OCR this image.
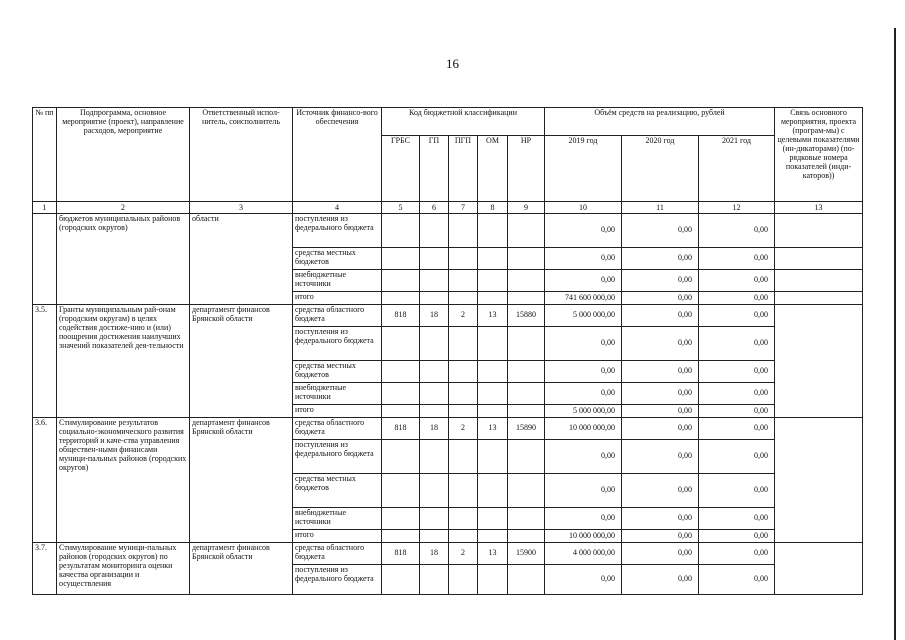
16
№ пп	Подпрограмма, основное мероприятие (проект), направление расходов, мероприятие	Ответственный испол-нитель, соисполнитель	Источник финансо-вого обеспечения	Код бюджетной классификации					Объём средств на реализацию, рублей			Связь основного мероприятия, проекта (програм-мы) с целевыми показателями (ин-дикаторами) (по-рядковые номера показателей (инди-каторов))
				ГРБС	ГП	ПГП	ОМ	НР	2019 год	2020 год	2021 год	
1	2	3	4	5	6	7	8	9	10	11	12	13
	бюджетов муниципальных районов (городских округов)	области	поступления из федерального бюджета						0,00	0,00	0,00	
			средства местных бюджетов						0,00	0,00	0,00	
			внебюджетные источники						0,00	0,00	0,00	
			итого						741 600 000,00	0,00	0,00	
3.5.	Гранты муниципальным рай-онам (городским округам) в целях содействия достиже-нию и (или) поощрения достижения наилучших значений показателей дея-тельности	департамент финансов Брянской области	средства областного бюджета	818	18	2	13	15880	5 000 000,00	0,00	0,00	
			поступления из федерального бюджета						0,00	0,00	0,00	
			средства местных бюджетов						0,00	0,00	0,00	
			внебюджетные источники						0,00	0,00	0,00	
			итого						5 000 000,00	0,00	0,00	
3.6.	Стимулирование результатов социально-экономического развития территорий и каче-ства управления обществен-ными финансами муници-пальных районов (городских округов)	департамент финансов Брянской области	средства областного бюджета	818	18	2	13	15890	10 000 000,00	0,00	0,00	
			поступления из федерального бюджета						0,00	0,00	0,00	
			средства местных бюджетов						0,00	0,00	0,00	
			внебюджетные источники						0,00	0,00	0,00	
			итого						10 000 000,00	0,00	0,00	
3.7.	Стимулирование муници-пальных районов (городских округов) по результатам мониторинга оценки качества организации и осуществления	департамент финансов Брянской области	средства областного бюджета	818	18	2	13	15900	4 000 000,00	0,00	0,00	
			поступления из федерального бюджета						0,00	0,00	0,00	
